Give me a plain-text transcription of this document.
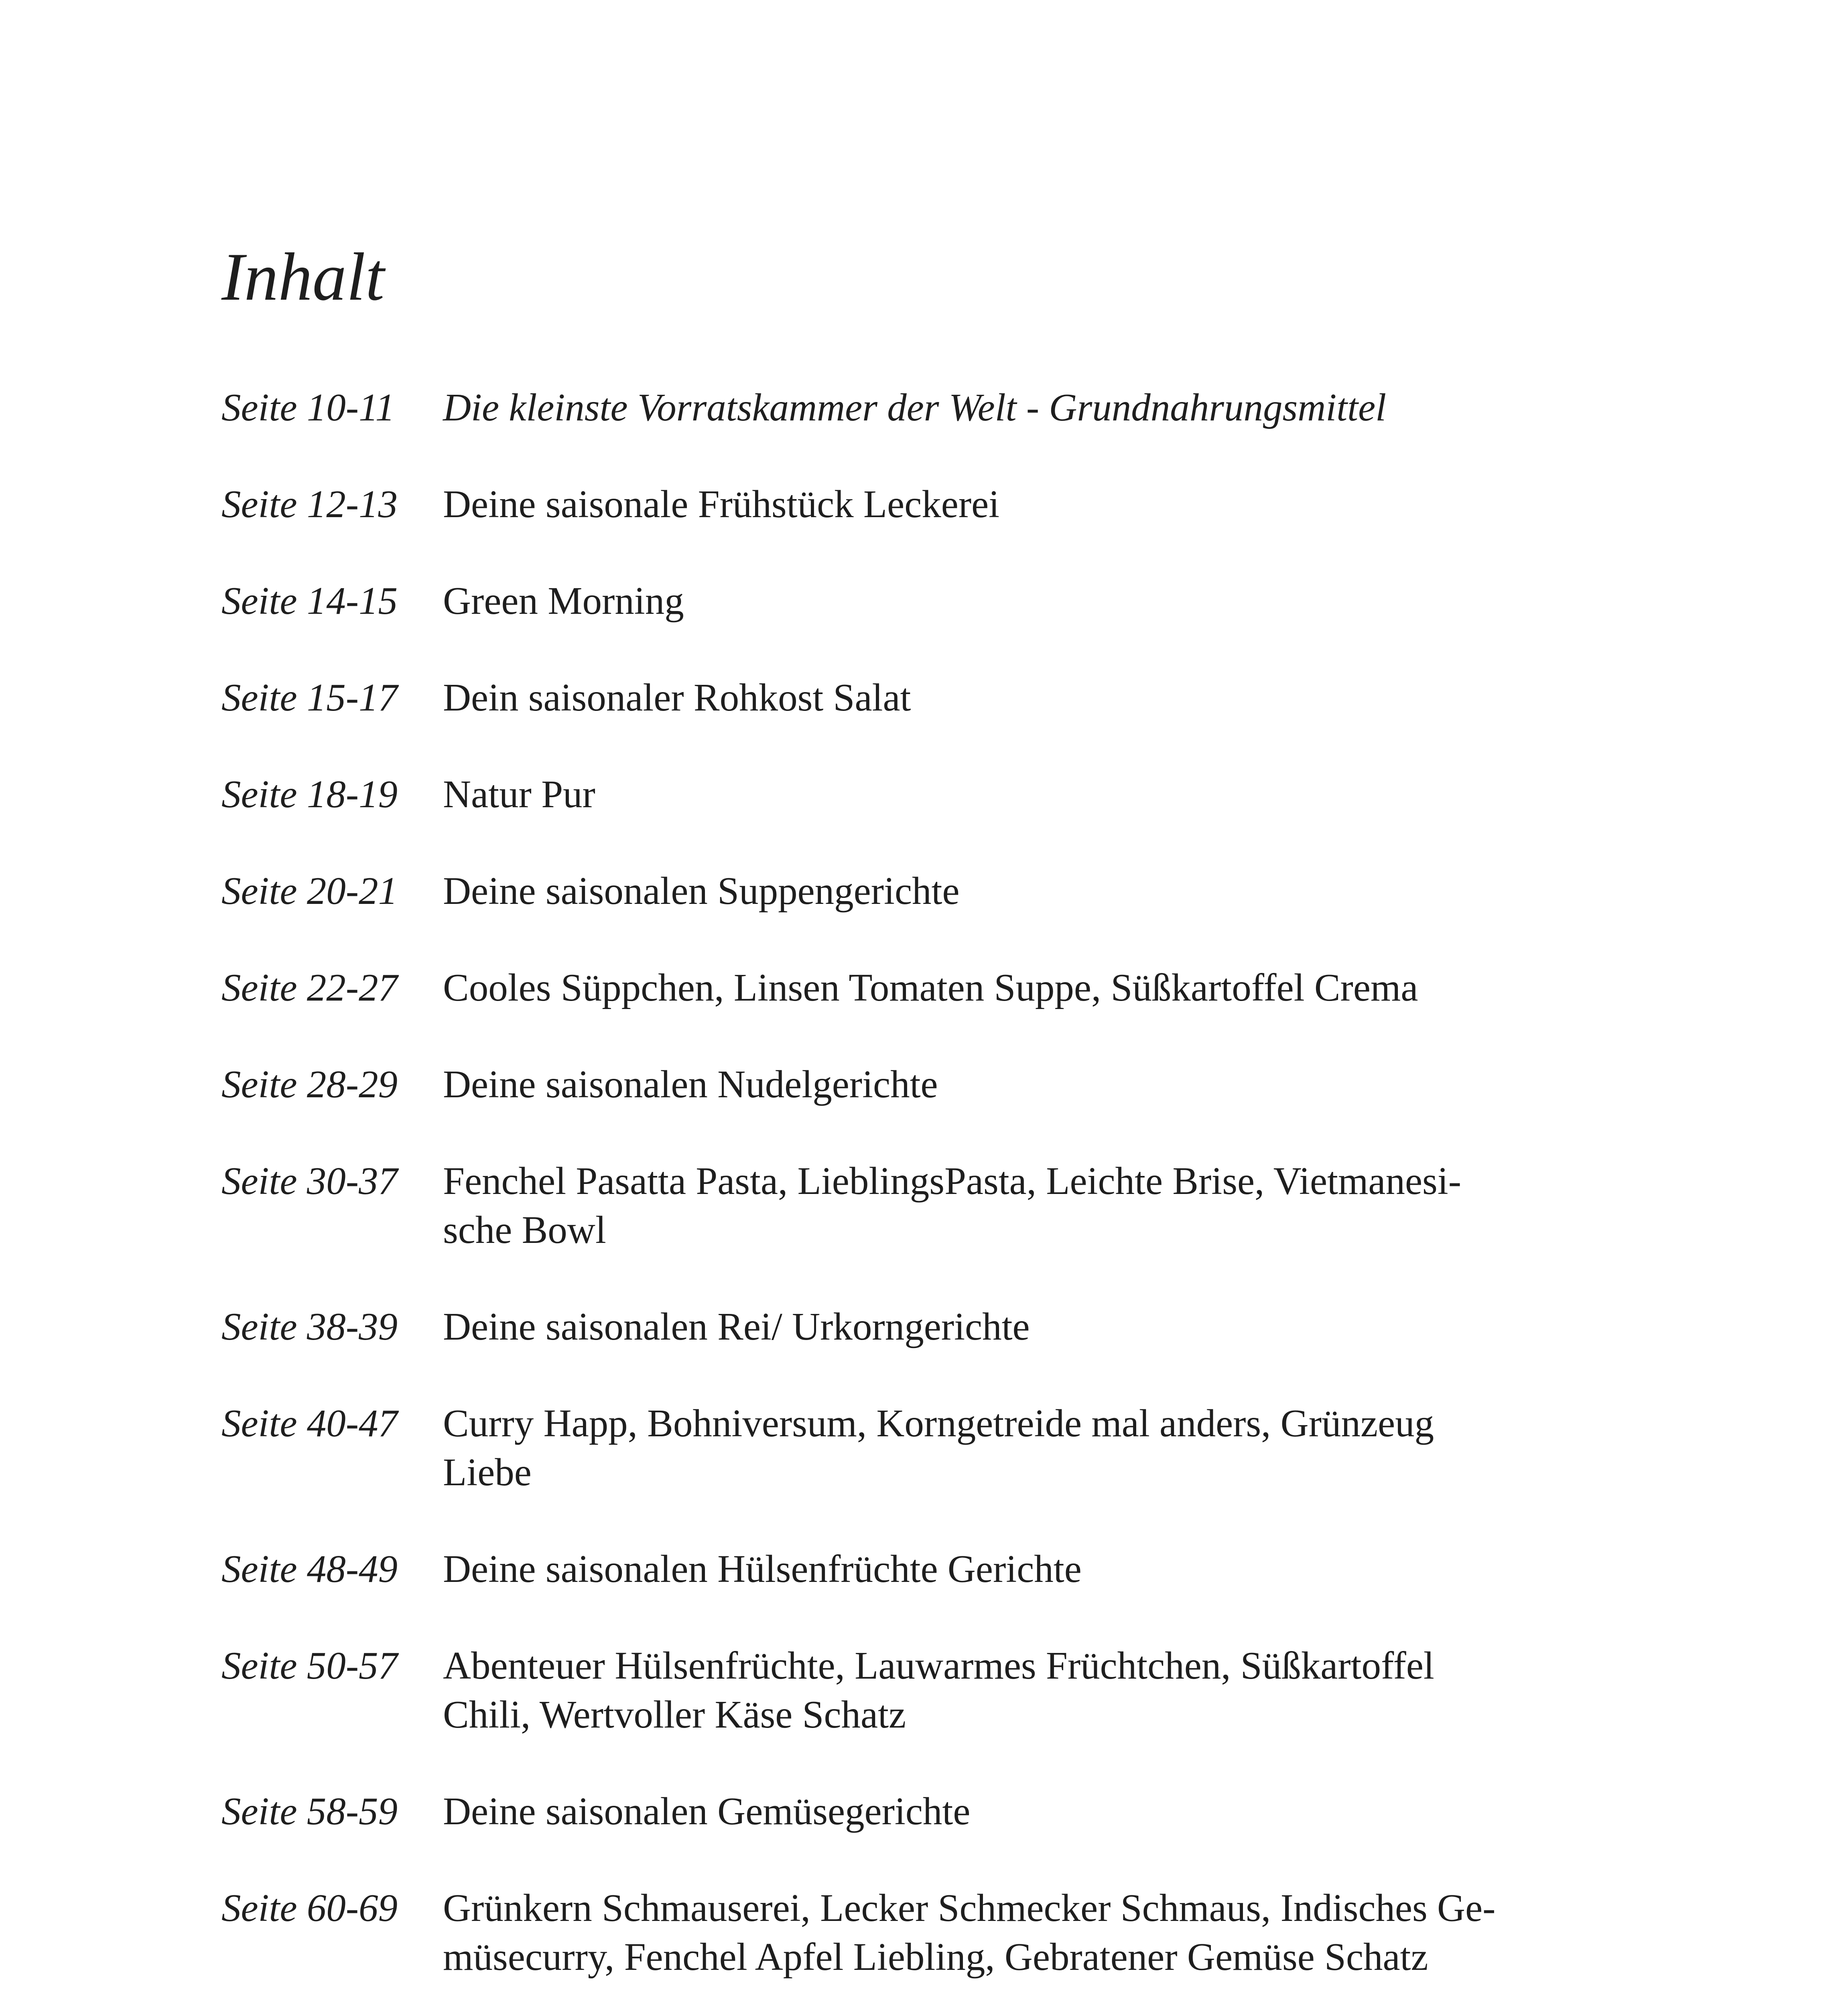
Inhalt
Seite 10-11	Die kleinste Vorratskammer der Welt - Grundnahrungsmittel
Seite 12-13	Deine saisonale Frühstück Leckerei
Seite 14-15	Green Morning
Seite 15-17	Dein saisonaler Rohkost Salat
Seite 18-19	Natur Pur
Seite 20-21	Deine saisonalen Suppengerichte
Seite 22-27	Cooles Süppchen, Linsen Tomaten Suppe, Süßkartoffel Crema
Seite 28-29	Deine saisonalen Nudelgerichte
Seite 30-37	Fenchel Pasatta Pasta, LieblingsPasta, Leichte Brise, Vietmanesi-sche Bowl
Seite 38-39	Deine saisonalen Rei/ Urkorngerichte
Seite 40-47	Curry Happ, Bohniversum, Korngetreide mal anders, Grünzeug Liebe
Seite 48-49	Deine saisonalen Hülsenfrüchte Gerichte
Seite 50-57	Abenteuer Hülsenfrüchte, Lauwarmes Früchtchen, Süßkartoffel Chili, Wertvoller Käse Schatz
Seite 58-59	Deine saisonalen Gemüsegerichte
Seite 60-69	Grünkern Schmauserei, Lecker Schmecker Schmaus, Indisches Ge-müsecurry, Fenchel Apfel Liebling, Gebratener Gemüse Schatz
